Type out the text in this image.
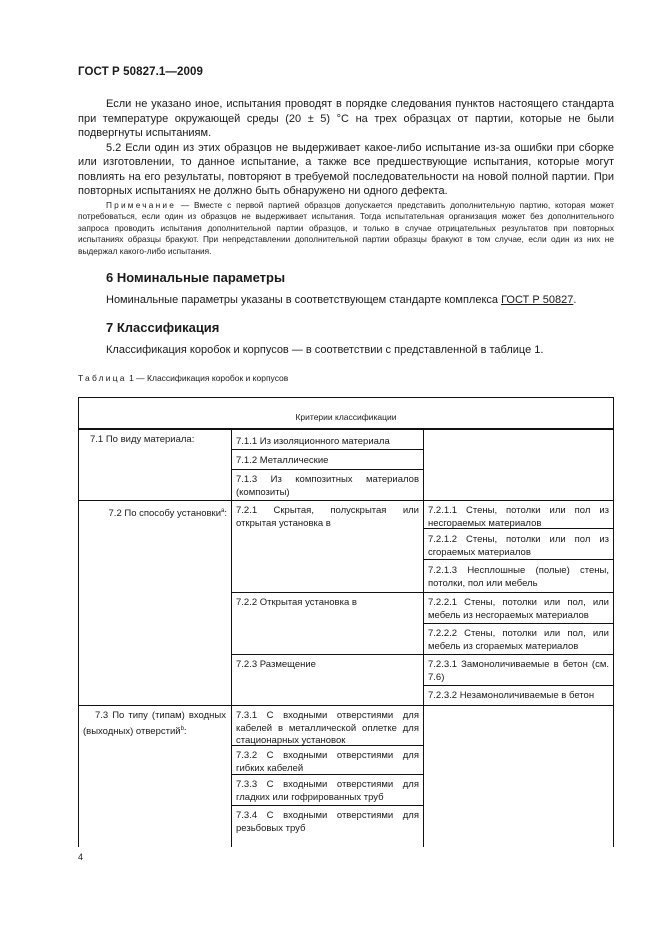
ГОСТ Р 50827.1—2009

Если не указано иное, испытания проводят в порядке следования пунктов настоящего стандарта при температуре окружающей среды (20 ± 5) °С на трех образцах от партии, которые не были подвергнуты испытаниям.

5.2 Если один из этих образцов не выдерживает какое-либо испытание из-за ошибки при сборке или изготовлении, то данное испытание, а также все предшествующие испытания, которые могут повлиять на его результаты, повторяют в требуемой последовательности на новой полной партии. При повторных испытаниях не должно быть обнаружено ни одного дефекта.

Примечание — Вместе с первой партией образцов допускается представить дополнительную партию, которая может потребоваться, если один из образцов не выдерживает испытания. Тогда испытательная организация может без дополнительного запроса проводить испытания дополнительной партии образцов, и только в случае отрицательных результатов при повторных испытаниях образцы бракуют. При непредставлении дополнительной партии образцы бракуют в том случае, если один из них не выдержал какого-либо испытания.

6 Номинальные параметры
Номинальные параметры указаны в соответствующем стандарте комплекса ГОСТ Р 50827.
7 Классификация
Классификация коробок и корпусов — в соответствии с представленной в таблице 1.
Таблица 1 — Классификация коробок и корпусов
Критерии классификации
7.1 По виду материала:
7.2 По способу установки$^a$:
7.3 По типу (типам) входных (выходных) отверстий$^b$:
7.1.1 Из изоляционного материала
7.1.2 Металлические
7.1.3 Из композитных материалов (композиты)
7.2.1 Скрытая, полускрытая или открытая установка в
7.2.2 Открытая установка в
7.2.3 Размещение
7.3.1 С входными отверстиями для кабелей в металлической оплетке для стационарных установок
7.3.2 С входными отверстиями для гибких кабелей
7.3.3 С входными отверстиями для гладких или гофрированных труб
7.3.4 С входными отверстиями для резьбовых труб
7.2.1.1 Стены, потолки или пол из несгораемых материалов
7.2.1.2 Стены, потолки или пол из сгораемых материалов
7.2.1.3 Несплошные (полые) стены, потолки, пол или мебель
7.2.2.1 Стены, потолки или пол, или мебель из несгораемых материалов
7.2.2.2 Стены, потолки или пол, или мебель из сгораемых материалов
7.2.3.1 Замоноличиваемые в бетон (см. 7.6)
7.2.3.2 Незамоноличиваемые в бетон
4
